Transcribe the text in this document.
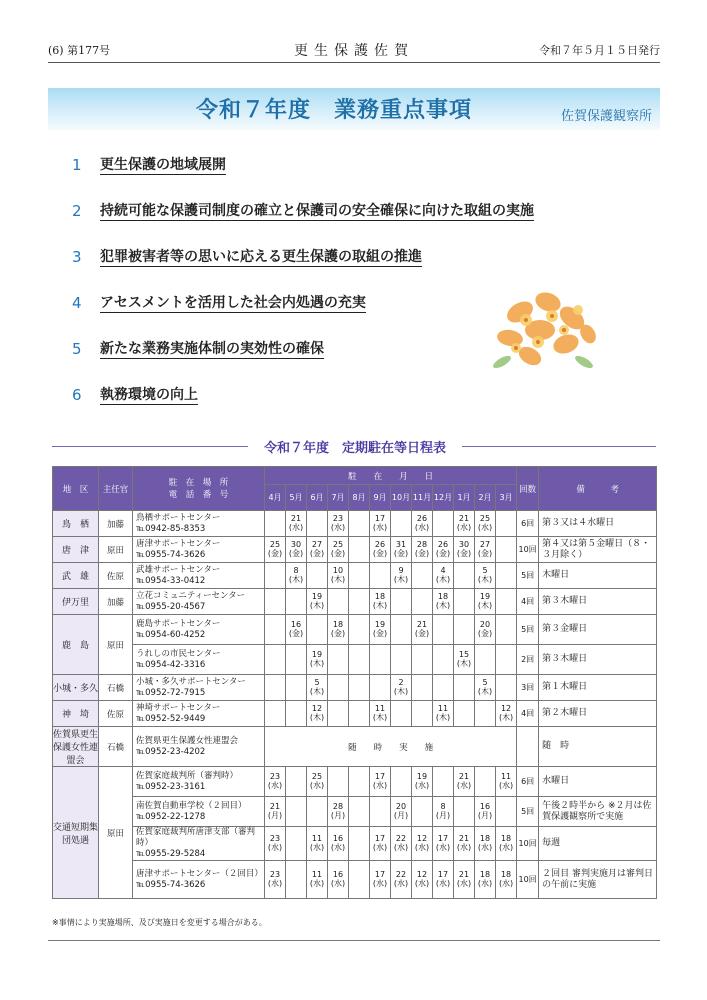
(6) 第177号	更生保護佐賀	令和７年５月１５日発行
令和７年度　業務重点事項	佐賀保護観察所
1	更生保護の地域展開
2	持続可能な保護司制度の確立と保護司の安全確保に向けた取組の実施
3	犯罪被害者等の思いに応える更生保護の取組の推進
4	アセスメントを活用した社会内処遇の充実
5	新たな業務実施体制の実効性の確保
6	執務環境の向上
令和７年度　定期駐在等日程表
地　区	主任官	駐　在　場　所
電　話　番　号	駐　　在　　月　　日												回数	備　　　考
			4月	5月	6月	7月	8月	9月	10月	11月	12月	1月	2月	3月		
鳥　栖	加藤	鳥栖サポートセンター
℡0942-85-8353		21(水)		23(水)		17(水)		26(水)		21(水)	25(水)		6回	第３又は４水曜日
唐　津	原田	唐津サポートセンター
℡0955-74-3626	25(金)	30(金)	27(金)	25(金)		26(金)	31(金)	28(金)	26(金)	30(金)	27(金)		10回	第４又は第５金曜日（８・３月除く）
武　雄	佐原	武雄サポートセンター
℡0954-33-0412		8(木)		10(木)			9(木)		4(木)		5(木)		5回	木曜日
伊万里	加藤	立花コミュニティーセンター
℡0955-20-4567			19(木)			18(木)			18(木)		19(木)		4回	第３木曜日
鹿　島	原田	鹿島サポートセンター
℡0954-60-4252		16(金)		18(金)		19(金)		21(金)			20(金)		5回	第３金曜日

		うれしの市民センター
℡0954-42-3316			19(木)							15(木)			2回	第３木曜日
小城・多久	石橋	小城・多久サポートセンター
℡0952-72-7915			5(木)				2(木)				5(木)		3回	第１木曜日
神　埼	佐原	神埼サポートセンター
℡0952-52-9449			12(木)			11(木)			11(木)			12(木)	4回	第２木曜日
佐賀県更生保護女性連盟会	石橋	佐賀県更生保護女性連盟会
℡0952-23-4202	随　　時　　実　　施													随　時
交通短期集団処遇	原田	佐賀家庭裁判所（審判時）
℡0952-23-3161	23(水)		25(水)			17(水)		19(水)		21(水)		11(水)	6回	水曜日

		南佐賀自動車学校（２回目）
℡0952-22-1278	21(月)			28(月)			20(月)		8(月)		16(月)		5回	午後２時半から ※２月は佐賀保護観察所で実施

		佐賀家庭裁判所唐津支部（審判時）
℡0955-29-5284	23(水)		11(水)	16(水)		17(水)	22(水)	12(水)	17(水)	21(水)	18(水)	18(水)	10回	毎週

		唐津サポートセンター（２回目）
℡0955-74-3626	23(水)		11(水)	16(水)		17(水)	22(水)	12(水)	17(水)	21(水)	18(水)	18(水)	10回	２回目 審判実施月は審判日の午前に実施
※事情により実施場所、及び実施日を変更する場合がある。
